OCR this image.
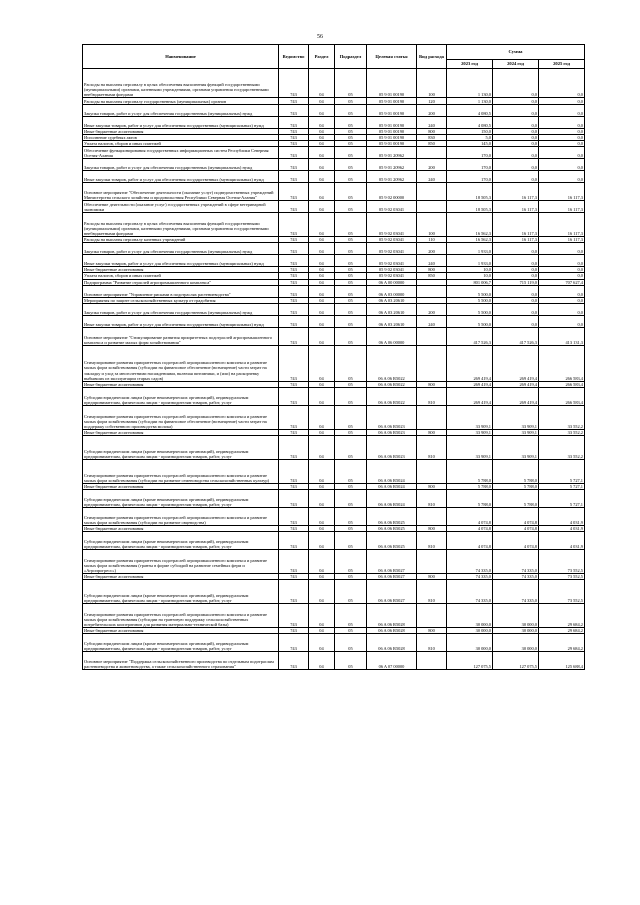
56
Наименование	Ведомство	Раздел	Подраздел	Целевая статья	Вид расхода	Сумма		
						2023 год	2024 год	2025 год
Расходы на выплаты персоналу в целях обеспечения выполнения функций государственными (муниципальными) органами, казенными учреждениями, органами управления государственными внебюджетными фондами	743	04	05	05 9 01 00190	100	1 130,0	0,0	0,0
Расходы на выплаты персоналу государственных (муниципальных) органов	743	04	05	05 9 01 00190	120	1 130,0	0,0	0,0
Закупка товаров, работ и услуг для обеспечения государственных (муниципальных) нужд	743	04	05	05 9 01 00190	200	4 080,5	0,0	0,0
Иные закупки товаров, работ и услуг для обеспечения государственных (муниципальных) нужд	743	04	05	05 9 01 00190	240	4 080,5	0,0	0,0
Иные бюджетные ассигнования	743	04	05	05 9 01 00190	800	150,0	0,0	0,0
Исполнение судебных актов	743	04	05	05 9 01 00190	830	5,0	0,0	0,0
Уплата налогов, сборов и иных платежей	743	04	05	05 9 01 00190	850	145,0	0,0	0,0
Обеспечение функционирования государственных информационных систем Республики Северная Осетия-Алания	743	04	05	05 9 01 20962		170,0	0,0	0,0
Закупка товаров, работ и услуг для обеспечения государственных (муниципальных) нужд	743	04	05	05 9 01 20962	200	170,0	0,0	0,0
Иные закупки товаров, работ и услуг для обеспечения государственных (муниципальных) нужд	743	04	05	05 9 01 20962	240	170,0	0,0	0,0
Основное мероприятие "Обеспечение деятельности (оказание услуг) подведомственных учреждений Министерства сельского хозяйства и продовольствия Республики Северная Осетия-Алания"	743	04	05	05 9 02 00000		18 505,3	16 117,3	16 117,3
Обеспечение деятельности (оказание услуг) государственных учреждений в сфере ветеринарной экономики	743	04	05	05 9 02 03041		18 505,3	16 117,3	16 117,3
Расходы на выплаты персоналу в целях обеспечения выполнения функций государственными (муниципальными) органами, казенными учреждениями, органами управления государственными внебюджетными фондами	743	04	05	05 9 02 03041	100	16 562,3	16 117,3	16 117,3
Расходы на выплаты персоналу казенных учреждений	743	04	05	05 9 02 03041	110	16 562,3	16 117,3	16 117,3
Закупка товаров, работ и услуг для обеспечения государственных (муниципальных) нужд	743	04	05	05 9 02 03041	200	1 933,0	0,0	0,0
Иные закупки товаров, работ и услуг для обеспечения государственных (муниципальных) нужд	743	04	05	05 9 02 03041	240	1 933,0	0,0	0,0
Иные бюджетные ассигнования	743	04	05	05 9 02 03041	800	10,0	0,0	0,0
Уплата налогов, сборов и иных платежей	743	04	05	05 9 02 03041	850	10,0	0,0	0,0
Подпрограмма "Развитие отраслей агропромышленного комплекса"	743	04	05	06 A 00 00000		801 006,7	715 119,0	707 627,4
Основное мероприятие "Управление рисками в подотраслях растениеводства"	743	04	05	06 A 03 00000		5 500,0	0,0	0,0
Мероприятия по защите сельскохозяйственных культур от градобития	743	04	05	06 A 03 20610		5 500,0	0,0	0,0
Закупка товаров, работ и услуг для обеспечения государственных (муниципальных) нужд	743	04	05	06 A 03 20610	200	5 500,0	0,0	0,0
Иные закупки товаров, работ и услуг для обеспечения государственных (муниципальных) нужд	743	04	05	06 A 03 20610	240	5 500,0	0,0	0,0
Основное мероприятие "Стимулирование развития приоритетных подотраслей агропромышленного комплекса и развитие малых форм хозяйствования"	743	04	05	06 A 06 00000		417 526,3	417 526,3	413 131,3
Стимулирование развития приоритетных подотраслей агропромышленного комплекса и развитие малых форм хозяйствования (субсидии на финансовое обеспечение (возмещение) части затрат на закладку и уход за многолетними насаждениями, включая питомники, и (или) на раскорчевку выбывших из эксплуатации старых садов)	743	04	05	06 A 06 R5022		269 419,4	269 419,4	266 583,4
Иные бюджетные ассигнования	743	04	05	06 A 06 R5022	800	269 419,4	269 419,4	266 583,4
Субсидии юридическим лицам (кроме некоммерческих организаций), индивидуальным предпринимателям, физическим лицам - производителям товаров, работ, услуг	743	04	05	06 A 06 R5022	810	269 419,4	269 419,4	266 583,4
Стимулирование развития приоритетных подотраслей агропромышленного комплекса и развитие малых форм хозяйствования (субсидии на финансовое обеспечение (возмещение) части затрат на поддержку собственного производства молока)	743	04	05	06 A 06 R5023		33 909,1	33 909,1	33 552,2
Иные бюджетные ассигнования	743	04	05	06 A 06 R5023	800	33 909,1	33 909,1	33 552,2
Субсидии юридическим лицам (кроме некоммерческих организаций), индивидуальным предпринимателям, физическим лицам - производителям товаров, работ, услуг	743	04	05	06 A 06 R5023	810	33 909,1	33 909,1	33 552,2
Стимулирование развития приоритетных подотраслей агропромышленного комплекса и развитие малых форм хозяйствования (субсидии на развитие семеноводства сельскохозяйственных культур)	743	04	05	06 A 06 R5024		5 788,0	5 788,0	5 727,1
Иные бюджетные ассигнования	743	04	05	06 A 06 R5024	800	5 788,0	5 788,0	5 727,1
Субсидии юридическим лицам (кроме некоммерческих организаций), индивидуальным предпринимателям, физическим лицам - производителям товаров, работ, услуг	743	04	05	06 A 06 R5024	810	5 788,0	5 788,0	5 727,1
Стимулирование развития приоритетных подотраслей агропромышленного комплекса и развитие малых форм хозяйствования (субсидии на развитие овцеводства)	743	04	05	06 A 06 R5025		4 074,8	4 074,8	4 031,9
Иные бюджетные ассигнования	743	04	05	06 A 06 R5025	800	4 074,8	4 074,8	4 031,9
Субсидии юридическим лицам (кроме некоммерческих организаций), индивидуальным предпринимателям, физическим лицам - производителям товаров, работ, услуг	743	04	05	06 A 06 R5025	810	4 074,8	4 074,8	4 031,9
Стимулирование развития приоритетных подотраслей агропромышленного комплекса и развитие малых форм хозяйствования (гранты в форме субсидий на развитие семейных ферм и «Агропрогресс»)	743	04	05	06 A 06 R5027		74 335,0	74 335,0	73 552,5
Иные бюджетные ассигнования	743	04	05	06 A 06 R5027	800	74 335,0	74 335,0	73 552,5
Субсидии юридическим лицам (кроме некоммерческих организаций), индивидуальным предпринимателям, физическим лицам - производителям товаров, работ, услуг	743	04	05	06 A 06 R5027	810	74 335,0	74 335,0	73 552,5
Стимулирование развития приоритетных подотраслей агропромышленного комплекса и развитие малых форм хозяйствования (субсидии на грантовую поддержку сельскохозяйственных потребительских кооперативов для развития материально-технической базы)	743	04	05	06 A 06 R5028		30 000,0	30 000,0	29 684,2
Иные бюджетные ассигнования	743	04	05	06 A 06 R5028	800	30 000,0	30 000,0	29 684,2
Субсидии юридическим лицам (кроме некоммерческих организаций), индивидуальным предпринимателям, физическим лицам - производителям товаров, работ, услуг	743	04	05	06 A 06 R5028	810	30 000,0	30 000,0	29 684,2
Основное мероприятие "Поддержка сельскохозяйственного производства по отдельным подотраслям растениеводства и животноводства, а также сельскохозяйственного страхования"	743	04	05	06 A 07 00000		127 075,5	127 075,5	125 688,4
